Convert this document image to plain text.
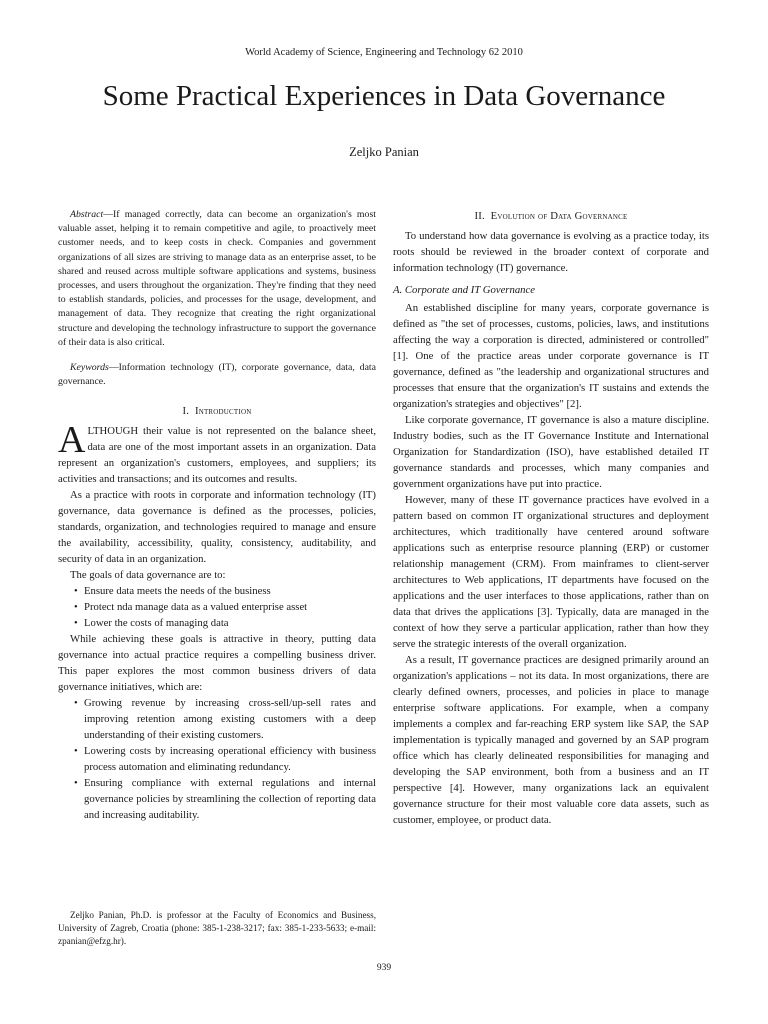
World Academy of Science, Engineering and Technology 62 2010
Some Practical Experiences in Data Governance
Zeljko Panian

Abstract—If managed correctly, data can become an organization's most valuable asset, helping it to remain competitive and agile, to proactively meet customer needs, and to keep costs in check. Companies and government organizations of all sizes are striving to manage data as an enterprise asset, to be shared and reused across multiple software applications and systems, business processes, and users throughout the organization. They're finding that they need to establish standards, policies, and processes for the usage, development, and management of data. They recognize that creating the right organizational structure and developing the technology infrastructure to support the governance of their data is also critical.

Keywords—Information technology (IT), corporate governance, data, data governance.

I. Introduction

ALTHOUGH their value is not represented on the balance sheet, data are one of the most important assets in an organization. Data represent an organization's customers, employees, and suppliers; its activities and transactions; and its outcomes and results.

As a practice with roots in corporate and information technology (IT) governance, data governance is defined as the processes, policies, standards, organization, and technologies required to manage and ensure the availability, accessibility, quality, consistency, auditability, and security of data in an organization.

The goals of data governance are to:

• Ensure data meets the needs of the business
• Protect nda manage data as a valued enterprise asset
• Lower the costs of managing data

While achieving these goals is attractive in theory, putting data governance into actual practice requires a compelling business driver. This paper explores the most common business drivers of data governance initiatives, which are:

• Growing revenue by increasing cross-sell/up-sell rates and improving retention among existing customers with a deep understanding of their existing customers.
• Lowering costs by increasing operational efficiency with business process automation and eliminating redundancy.
• Ensuring compliance with external regulations and internal governance policies by streamlining the collection of reporting data and increasing auditability.

Zeljko Panian, Ph.D. is professor at the Faculty of Economics and Business, University of Zagreb, Croatia (phone: 385-1-238-3217; fax: 385-1-233-5633; e-mail: zpanian@efzg.hr).

II. Evolution of Data Governance

To understand how data governance is evolving as a practice today, its roots should be reviewed in the broader context of corporate and information technology (IT) governance.

A. Corporate and IT Governance

An established discipline for many years, corporate governance is defined as "the set of processes, customs, policies, laws, and institutions affecting the way a corporation is directed, administered or controlled" [1]. One of the practice areas under corporate governance is IT governance, defined as "the leadership and organizational structures and processes that ensure that the organization's IT sustains and extends the organization's strategies and objectives" [2].

Like corporate governance, IT governance is also a mature discipline. Industry bodies, such as the IT Governance Institute and International Organization for Standardization (ISO), have established detailed IT governance standards and processes, which many companies and government organizations have put into practice.

However, many of these IT governance practices have evolved in a pattern based on common IT organizational structures and deployment architectures, which traditionally have centered around software applications such as enterprise resource planning (ERP) or customer relationship management (CRM). From mainframes to client-server architectures to Web applications, IT departments have focused on the applications and the user interfaces to those applications, rather than on data that drives the applications [3]. Typically, data are managed in the context of how they serve a particular application, rather than how they serve the strategic interests of the overall organization.

As a result, IT governance practices are designed primarily around an organization's applications – not its data. In most organizations, there are clearly defined owners, processes, and policies in place to manage enterprise software applications. For example, when a company implements a complex and far-reaching ERP system like SAP, the SAP implementation is typically managed and governed by an SAP program office which has clearly delineated responsibilities for managing and developing the SAP environment, both from a business and an IT perspective [4]. However, many organizations lack an equivalent governance structure for their most valuable core data assets, such as customer, employee, or product data.

939
